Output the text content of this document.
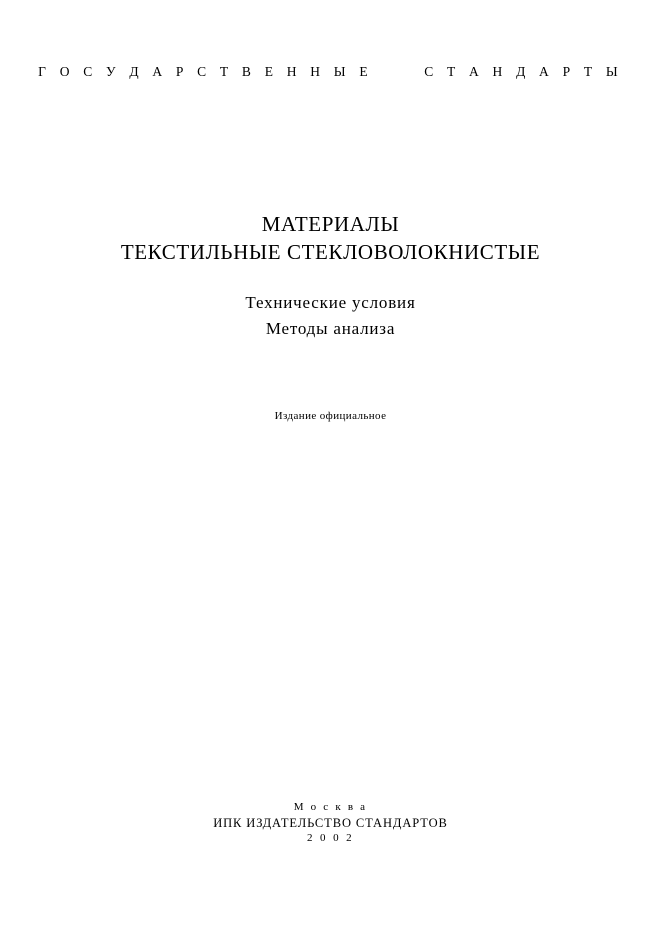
Г О С У Д А Р С Т В Е Н Н Ы Е      С Т А Н Д А Р Т Ы
МАТЕРИАЛЫ
ТЕКСТИЛЬНЫЕ СТЕКЛОВОЛОКНИСТЫЕ
Технические условия
Методы анализа
Издание официальное
М о с к в а
ИПК ИЗДАТЕЛЬСТВО СТАНДАРТОВ
2 0 0 2
